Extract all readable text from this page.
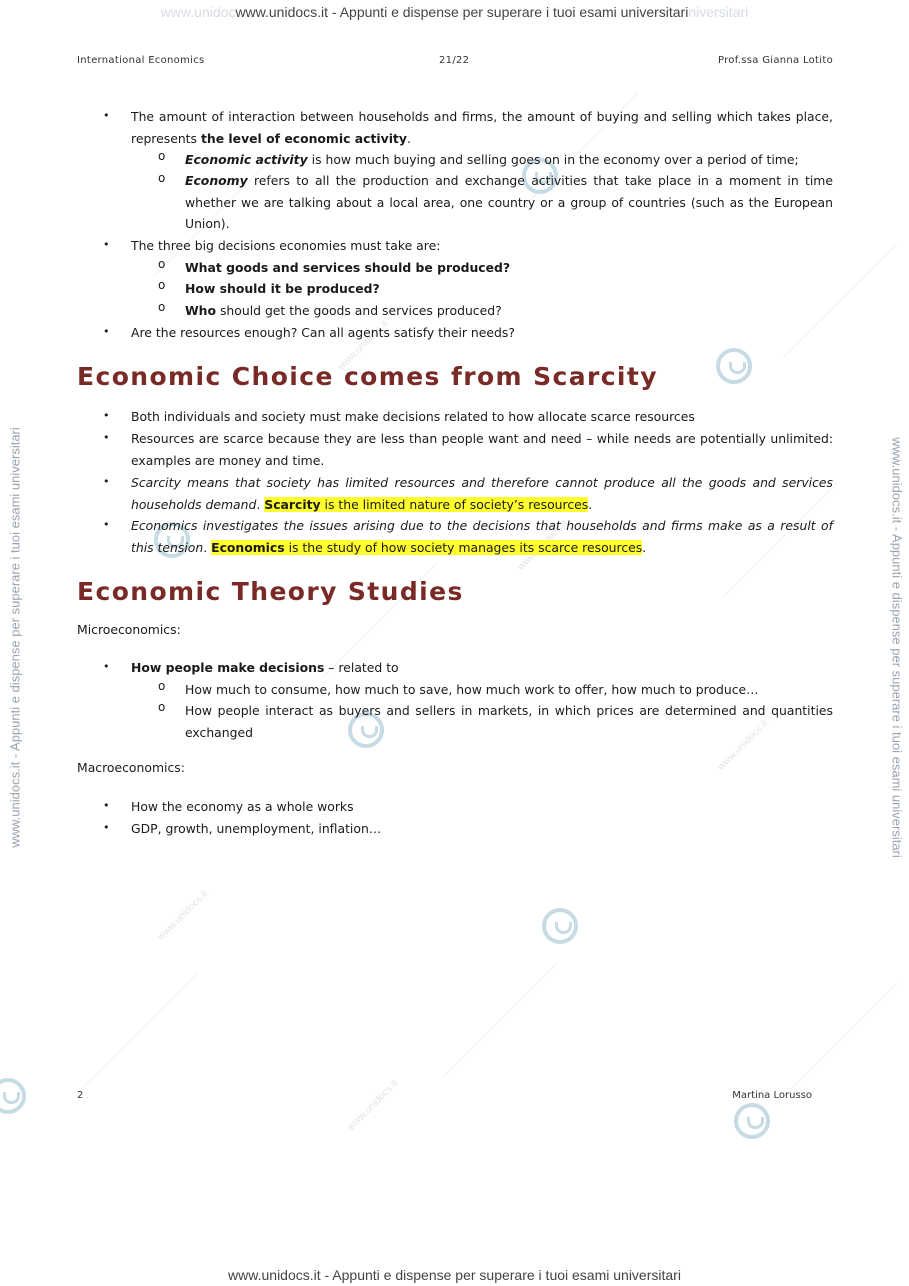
www.unidocwww.unidocs.it - Appunti e dispense per superare i tuoi esami universitariniversitari
www.unidocs.it - Appunti e dispense per superare i tuoi esami universitari
www.unidocs.it - Appunti e dispense per superare i tuoi esami universitari	www.unidocs.it - Appunti e dispense per superare i tuoi esami universitari
www.unidocs.it
www.unidocs.it
www.unidocs.it
www.unidocs.it
International Economics	21/22	Prof.ssa Gianna Lotito
• The amount of interaction between households and firms, the amount of buying and selling which takes place, represents the level of economic activity.
o Economic activity is how much buying and selling goes on in the economy over a period of time;
o Economy refers to all the production and exchange activities that take place in a moment in time whether we are talking about a local area, one country or a group of countries (such as the European Union).
• The three big decisions economies must take are:
o What goods and services should be produced?
o How should it be produced?
o Who should get the goods and services produced?
• Are the resources enough? Can all agents satisfy their needs?
Economic Choice comes from Scarcity
• Both individuals and society must make decisions related to how allocate scarce resources
• Resources are scarce because they are less than people want and need – while needs are potentially unlimited: examples are money and time.
• Scarcity means that society has limited resources and therefore cannot produce all the goods and services households demand. Scarcity is the limited nature of society’s resources.
• Economics investigates the issues arising due to the decisions that households and firms make as a result of this tension. Economics is the study of how society manages its scarce resources.
Economic Theory Studies
Microeconomics:
• How people make decisions – related to
o How much to consume, how much to save, how much work to offer, how much to produce…
o How people interact as buyers and sellers in markets, in which prices are determined and quantities exchanged
Macroeconomics:
• How the economy as a whole works
• GDP, growth, unemployment, inflation…
2	Martina Lorusso
